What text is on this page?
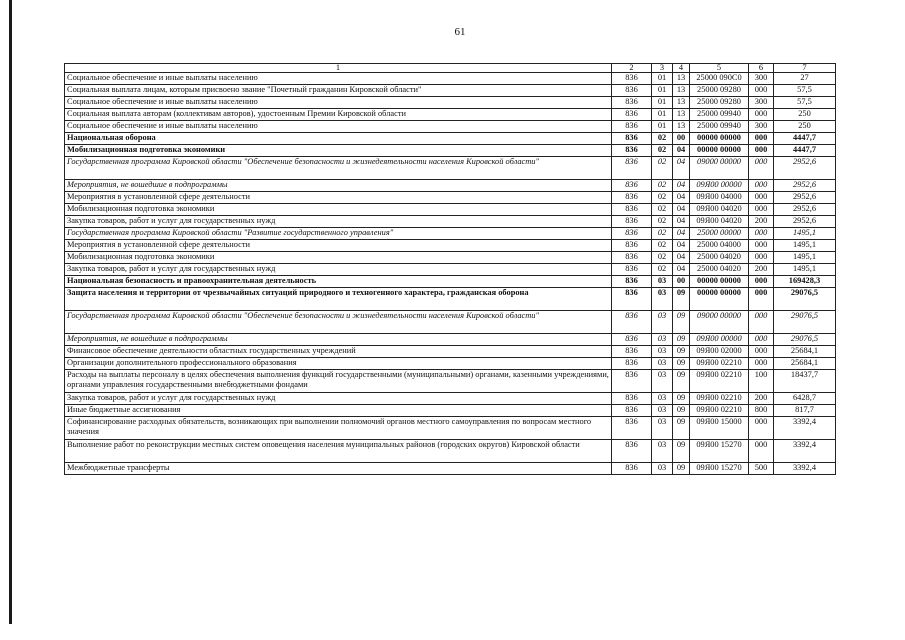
61
1	2	3	4	5	6	7
Социальное обеспечение и иные выплаты населению	836	01	13	25000 090C0	300	27
Социальная выплата лицам, которым присвоено звание "Почетный гражданин Кировской области"	836	01	13	25000 09280	000	57,5
Социальное обеспечение и иные выплаты населению	836	01	13	25000 09280	300	57,5
Социальная выплата авторам (коллективам авторов), удостоенным Премии Кировской области	836	01	13	25000 09940	000	250
Социальное обеспечение и иные выплаты населению	836	01	13	25000 09940	300	250
Национальная оборона	836	02	00	00000 00000	000	4447,7
Мобилизационная подготовка экономики	836	02	04	00000 00000	000	4447,7
Государственная программа Кировской области "Обеспечение безопасности и жизнедеятельности населения Кировской области"	836	02	04	09000 00000	000	2952,6
Мероприятия, не вошедшие в подпрограммы	836	02	04	09Я00 00000	000	2952,6
Мероприятия в установленной сфере деятельности	836	02	04	09Я00 04000	000	2952,6
Мобилизационная подготовка экономики	836	02	04	09Я00 04020	000	2952,6
Закупка товаров, работ и услуг для государственных нужд	836	02	04	09Я00 04020	200	2952,6
Государственная программа Кировской области "Развитие государственного управления"	836	02	04	25000 00000	000	1495,1
Мероприятия в установленной сфере деятельности	836	02	04	25000 04000	000	1495,1
Мобилизационная подготовка экономики	836	02	04	25000 04020	000	1495,1
Закупка товаров, работ и услуг для государственных нужд	836	02	04	25000 04020	200	1495,1
Национальная безопасность и правоохранительная деятельность	836	03	00	00000 00000	000	169428,3
Защита населения и территории от чрезвычайных ситуаций природного и техногенного характера, гражданская оборона	836	03	09	00000 00000	000	29076,5
Государственная программа Кировской области "Обеспечение безопасности и жизнедеятельности населения Кировской области"	836	03	09	09000 00000	000	29076,5
Мероприятия, не вошедшие в подпрограммы	836	03	09	09Я00 00000	000	29076,5
Финансовое обеспечение деятельности областных государственных учреждений	836	03	09	09Я00 02000	000	25684,1
Организации дополнительного профессионального образования	836	03	09	09Я00 02210	000	25684,1
Расходы на выплаты персоналу в целях обеспечения выполнения функций государственными (муниципальными) органами, казенными учреждениями, органами управления государственными внебюджетными фондами	836	03	09	09Я00 02210	100	18437,7
Закупка товаров, работ и услуг для государственных нужд	836	03	09	09Я00 02210	200	6428,7
Иные бюджетные ассигнования	836	03	09	09Я00 02210	800	817,7
Софинансирование расходных обязательств, возникающих при выполнении полномочий органов местного самоуправления по вопросам местного значения	836	03	09	09Я00 15000	000	3392,4
Выполнение работ по реконструкции местных систем оповещения населения муниципальных районов (городских округов) Кировской области	836	03	09	09Я00 15270	000	3392,4
Межбюджетные трансферты	836	03	09	09Я00 15270	500	3392,4
